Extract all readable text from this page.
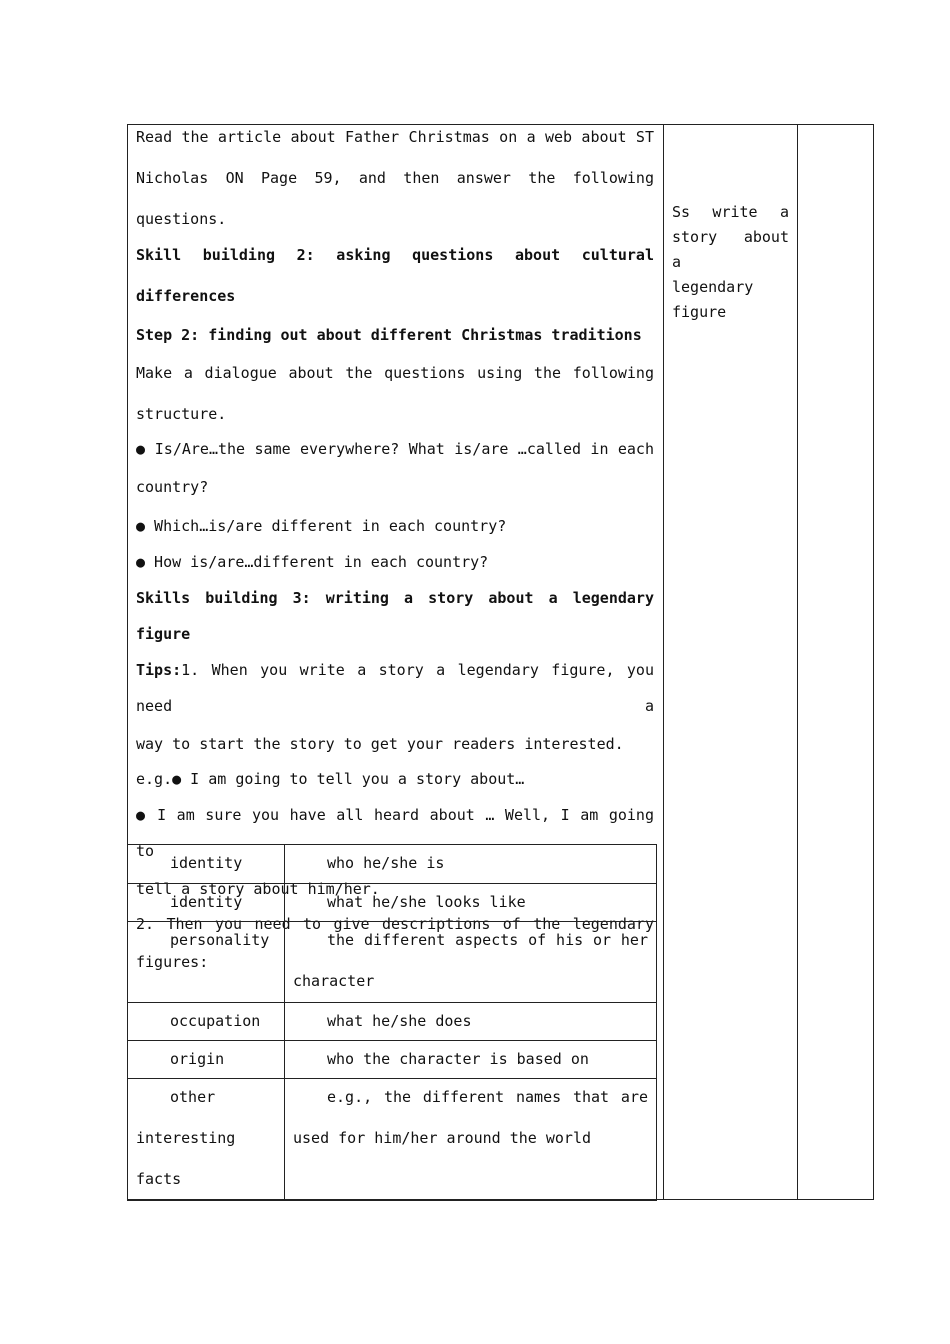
Read the article about Father Christmas on a web about ST

Nicholas ON Page 59, and then answer the following questions.

Skill building 2: asking questions about cultural

differences

Step 2: finding out about different Christmas traditions

Make a dialogue about the questions using the following

structure.

● Is/Are…the same everywhere? What is/are …called in each

country?

● Which…is/are different in each country?

● How is/are…different in each country?

Skills building 3: writing a story about a legendary figure

Tips:1. When you write a story a legendary figure, you need a

way to start the story to get your readers interested.

e.g.● I am going to tell you a story about…

● I am sure you have all heard about … Well, I am going to

tell a story about him/her.

2. Then you need to give descriptions of the legendary

figures:

identity	who he/she is

identity	what he/she looks like

personality	the different aspects of his or her character

occupation	what he/she does

origin	who the character is based on

other interesting facts	e.g., the different names that are used for him/her around the world
Ss write a
story about a
legendary
figure
